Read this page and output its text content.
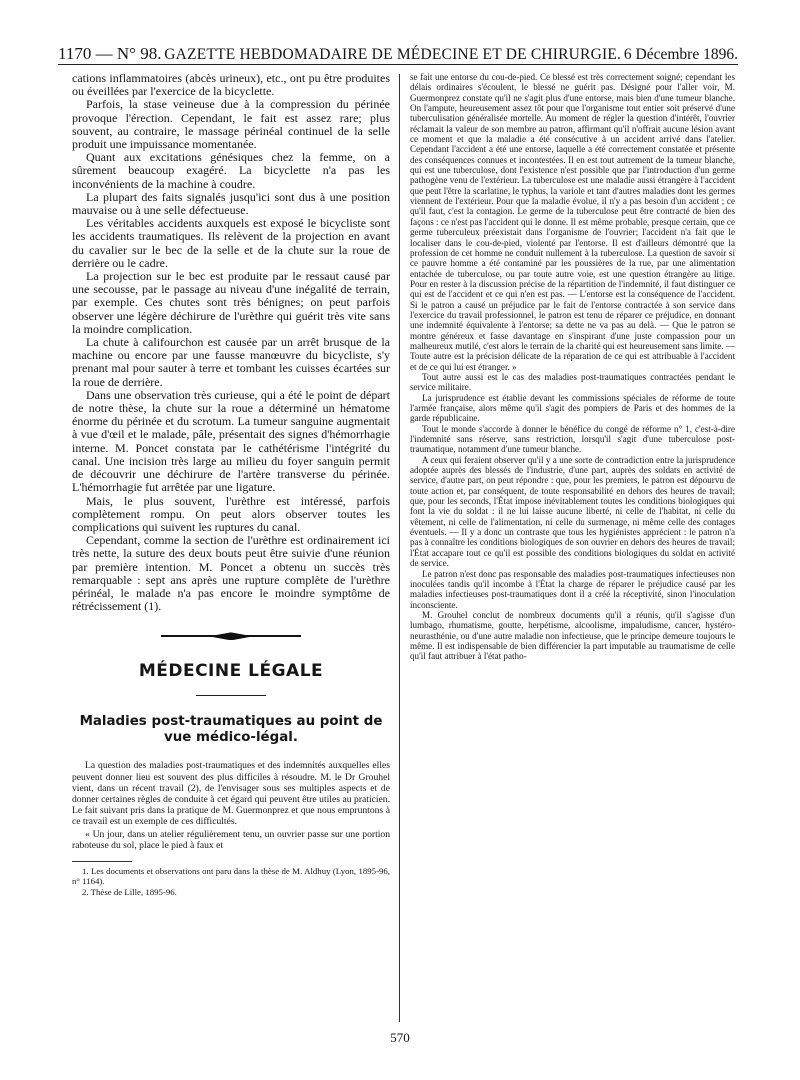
1170 — N° 98. GAZETTE HEBDOMADAIRE DE MÉDECINE ET DE CHIRURGIE. 6 Décembre 1896.

cations inflammatoires (abcès urineux), etc., ont pu être produites ou éveillées par l'exercice de la bicyclette.

Parfois, la stase veineuse due à la compression du périnée provoque l'érection. Cependant, le fait est assez rare; plus souvent, au contraire, le massage périnéal continuel de la selle produit une impuissance momentanée.

Quant aux excitations génésiques chez la femme, on a sûrement beaucoup exagéré. La bicyclette n'a pas les inconvénients de la machine à coudre.

La plupart des faits signalés jusqu'ici sont dus à une position mauvaise ou à une selle défectueuse.

Les véritables accidents auxquels est exposé le bicycliste sont les accidents traumatiques. Ils relèvent de la projection en avant du cavalier sur le bec de la selle et de la chute sur la roue de derrière ou le cadre.

La projection sur le bec est produite par le ressaut causé par une secousse, par le passage au niveau d'une inégalité de terrain, par exemple. Ces chutes sont très bénignes; on peut parfois observer une légère déchirure de l'urèthre qui guérit très vite sans la moindre complication.

La chute à califourchon est causée par un arrêt brusque de la machine ou encore par une fausse manœuvre du bicycliste, s'y prenant mal pour sauter à terre et tombant les cuisses écartées sur la roue de derrière.

Dans une observation très curieuse, qui a été le point de départ de notre thèse, la chute sur la roue a déterminé un hématome énorme du périnée et du scrotum. La tumeur sanguine augmentait à vue d'œil et le malade, pâle, présentait des signes d'hémorrhagie interne. M. Poncet constata par le cathétérisme l'intégrité du canal. Une incision très large au milieu du foyer sanguin permit de découvrir une déchirure de l'artère transverse du périnée. L'hémorrhagie fut arrêtée par une ligature.

Mais, le plus souvent, l'urèthre est intéressé, parfois complètement rompu. On peut alors observer toutes les complications qui suivent les ruptures du canal.

Cependant, comme la section de l'urèthre est ordinairement ici très nette, la suture des deux bouts peut être suivie d'une réunion par première intention. M. Poncet a obtenu un succès très remarquable : sept ans après une rupture complète de l'urèthre périnéal, le malade n'a pas encore le moindre symptôme de rétrécissement (1).

MÉDECINE LÉGALE
Maladies post-traumatiques au point de vue médico-légal.

La question des maladies post-traumatiques et des indemnités auxquelles elles peuvent donner lieu est souvent des plus difficiles à résoudre. M. le Dr Grouhel vient, dans un récent travail (2), de l'envisager sous ses multiples aspects et de donner certaines règles de conduite à cet égard qui peuvent être utiles au praticien. Le fait suivant pris dans la pratique de M. Guermonprez et que nous empruntons à ce travail est un exemple de ces difficultés.

« Un jour, dans un atelier régulièrement tenu, un ouvrier passe sur une portion raboteuse du sol, place le pied à faux et

1. Les documents et observations ont paru dans la thèse de M. Aldhuy (Lyon, 1895-96, n° 1164).

2. Thèse de Lille, 1895-96.

se fait une entorse du cou-de-pied. Ce blessé est très correctement soigné; cependant les délais ordinaires s'écoulent, le blessé ne guérit pas. Désigné pour l'aller voir, M. Guermonprez constate qu'il ne s'agit plus d'une entorse, mais bien d'une tumeur blanche. On l'ampute, heureusement assez tôt pour que l'organisme tout entier soit préservé d'une tuberculisation généralisée mortelle. Au moment de régler la question d'intérêt, l'ouvrier réclamait la valeur de son membre au patron, affirmant qu'il n'offrait aucune lésion avant ce moment et que la maladie a été consécutive à un accident arrivé dans l'atelier. Cependant l'accident a été une entorse, laquelle a été correctement constatée et présente des conséquences connues et incontestées. Il en est tout autrement de la tumeur blanche, qui est une tuberculose, dont l'existence n'est possible que par l'introduction d'un germe pathogène venu de l'extérieur. La tuberculose est une maladie aussi étrangère à l'accident que peut l'être la scarlatine, le typhus, la variole et tant d'autres maladies dont les germes viennent de l'extérieur. Pour que la maladie évolue, il n'y a pas besoin d'un accident ; ce qu'il faut, c'est la contagion. Le germe de la tuberculose peut être contracté de bien des façons : ce n'est pas l'accident qui le donne. Il est même probable, presque certain, que ce germe tuberculeux préexistait dans l'organisme de l'ouvrier; l'accident n'a fait que le localiser dans le cou-de-pied, violenté par l'entorse. Il est d'ailleurs démontré que la profession de cet homme ne conduit nullement à la tuberculose. La question de savoir si ce pauvre homme a été contaminé par les poussières de la rue, par une alimentation entachée de tuberculose, ou par toute autre voie, est une question étrangère au litige. Pour en rester à la discussion précise de la répartition de l'indemnité, il faut distinguer ce qui est de l'accident et ce qui n'en est pas. — L'entorse est la conséquence de l'accident. Si le patron a causé un préjudice par le fait de l'entorse contractée à son service dans l'exercice du travail professionnel, le patron est tenu de réparer ce préjudice, en donnant une indemnité équivalente à l'entorse; sa dette ne va pas au delà. — Que le patron se montre généreux et fasse davantage en s'inspirant d'une juste compassion pour un malheureux mutilé, c'est alors le terrain de la charité qui est heureusement sans limite. — Toute autre est la précision délicate de la réparation de ce qui est attribuable à l'accident et de ce qui lui est étranger. »

Tout autre aussi est le cas des maladies post-traumatiques contractées pendant le service militaire.

La jurisprudence est établie devant les commissions spéciales de réforme de toute l'armée française, alors même qu'il s'agit des pompiers de Paris et des hommes de la garde républicaine.

Tout le monde s'accorde à donner le bénéfice du congé de réforme n° 1, c'est-à-dire l'indemnité sans réserve, sans restriction, lorsqu'il s'agit d'une tuberculose post-traumatique, notamment d'une tumeur blanche.

A ceux qui feraient observer qu'il y a une sorte de contradiction entre la jurisprudence adoptée auprès des blessés de l'industrie, d'une part, auprès des soldats en activité de service, d'autre part, on peut répondre : que, pour les premiers, le patron est dépourvu de toute action et, par conséquent, de toute responsabilité en dehors des heures de travail; que, pour les seconds, l'État impose inévitablement toutes les conditions biologiques qui font la vie du soldat : il ne lui laisse aucune liberté, ni celle de l'habitat, ni celle du vêtement, ni celle de l'alimentation, ni celle du surmenage, ni même celle des contages éventuels. — Il y a donc un contraste que tous les hygiénistes apprécient : le patron n'a pas à connaître les conditions biologiques de son ouvrier en dehors des heures de travail; l'État accapare tout ce qu'il est possible des conditions biologiques du soldat en activité de service.

Le patron n'est donc pas responsable des maladies post-traumatiques infectieuses non inoculées tandis qu'il incombe à l'État la charge de réparer le préjudice causé par les maladies infectieuses post-traumatiques dont il a créé la réceptivité, sinon l'inoculation inconsciente.

M. Grouhel conclut de nombreux documents qu'il a réunis, qu'il s'agisse d'un lumbago, rhumatisme, goutte, herpétisme, alcoolisme, impaludisme, cancer, hystéro-neurasthénie, ou d'une autre maladie non infectieuse, que le principe demeure toujours le même. Il est indispensable de bien différencier la part imputable au traumatisme de celle qu'il faut attribuer à l'état patho-

570
